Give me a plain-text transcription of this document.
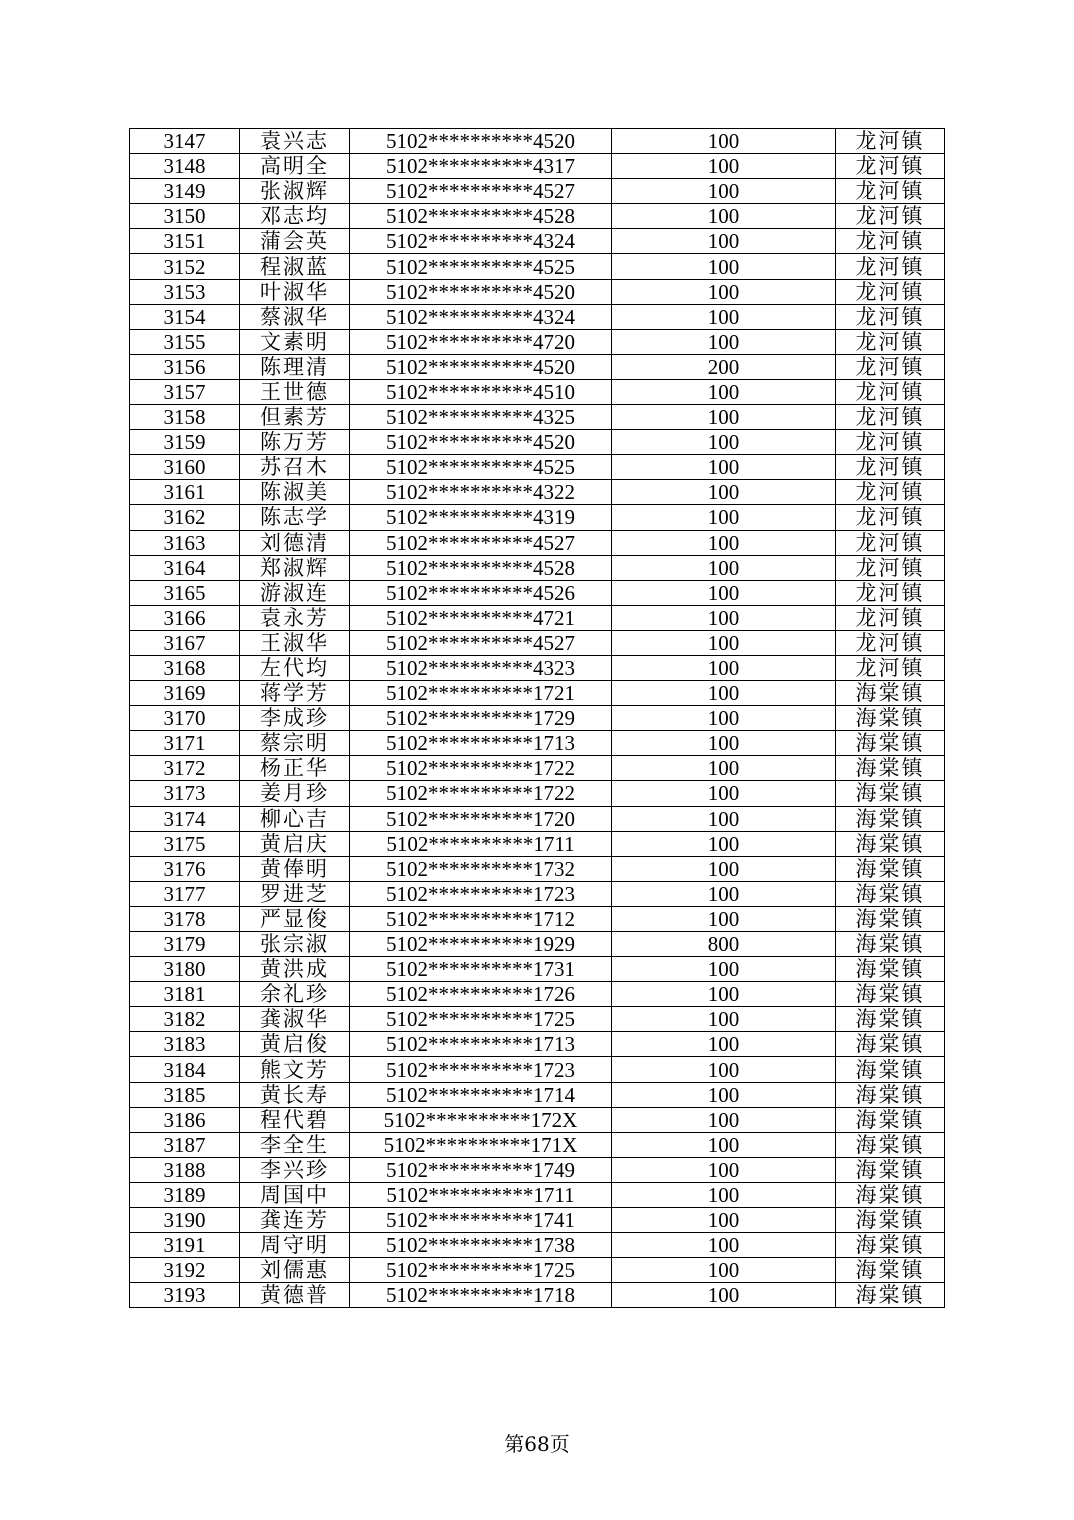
3147	袁兴志	5102**********4520	100	龙河镇
3148	高明全	5102**********4317	100	龙河镇
3149	张淑辉	5102**********4527	100	龙河镇
3150	邓志均	5102**********4528	100	龙河镇
3151	蒲会英	5102**********4324	100	龙河镇
3152	程淑蓝	5102**********4525	100	龙河镇
3153	叶淑华	5102**********4520	100	龙河镇
3154	蔡淑华	5102**********4324	100	龙河镇
3155	文素明	5102**********4720	100	龙河镇
3156	陈理清	5102**********4520	200	龙河镇
3157	王世德	5102**********4510	100	龙河镇
3158	但素芳	5102**********4325	100	龙河镇
3159	陈万芳	5102**********4520	100	龙河镇
3160	苏召木	5102**********4525	100	龙河镇
3161	陈淑美	5102**********4322	100	龙河镇
3162	陈志学	5102**********4319	100	龙河镇
3163	刘德清	5102**********4527	100	龙河镇
3164	郑淑辉	5102**********4528	100	龙河镇
3165	游淑连	5102**********4526	100	龙河镇
3166	袁永芳	5102**********4721	100	龙河镇
3167	王淑华	5102**********4527	100	龙河镇
3168	左代均	5102**********4323	100	龙河镇
3169	蒋学芳	5102**********1721	100	海棠镇
3170	李成珍	5102**********1729	100	海棠镇
3171	蔡宗明	5102**********1713	100	海棠镇
3172	杨正华	5102**********1722	100	海棠镇
3173	姜月珍	5102**********1722	100	海棠镇
3174	柳心吉	5102**********1720	100	海棠镇
3175	黄启庆	5102**********1711	100	海棠镇
3176	黄俸明	5102**********1732	100	海棠镇
3177	罗进芝	5102**********1723	100	海棠镇
3178	严显俊	5102**********1712	100	海棠镇
3179	张宗淑	5102**********1929	800	海棠镇
3180	黄洪成	5102**********1731	100	海棠镇
3181	余礼珍	5102**********1726	100	海棠镇
3182	龚淑华	5102**********1725	100	海棠镇
3183	黄启俊	5102**********1713	100	海棠镇
3184	熊文芳	5102**********1723	100	海棠镇
3185	黄长寿	5102**********1714	100	海棠镇
3186	程代碧	5102**********172X	100	海棠镇
3187	李全生	5102**********171X	100	海棠镇
3188	李兴珍	5102**********1749	100	海棠镇
3189	周国中	5102**********1711	100	海棠镇
3190	龚连芳	5102**********1741	100	海棠镇
3191	周守明	5102**********1738	100	海棠镇
3192	刘儒惠	5102**********1725	100	海棠镇
3193	黄德普	5102**********1718	100	海棠镇
第68页
